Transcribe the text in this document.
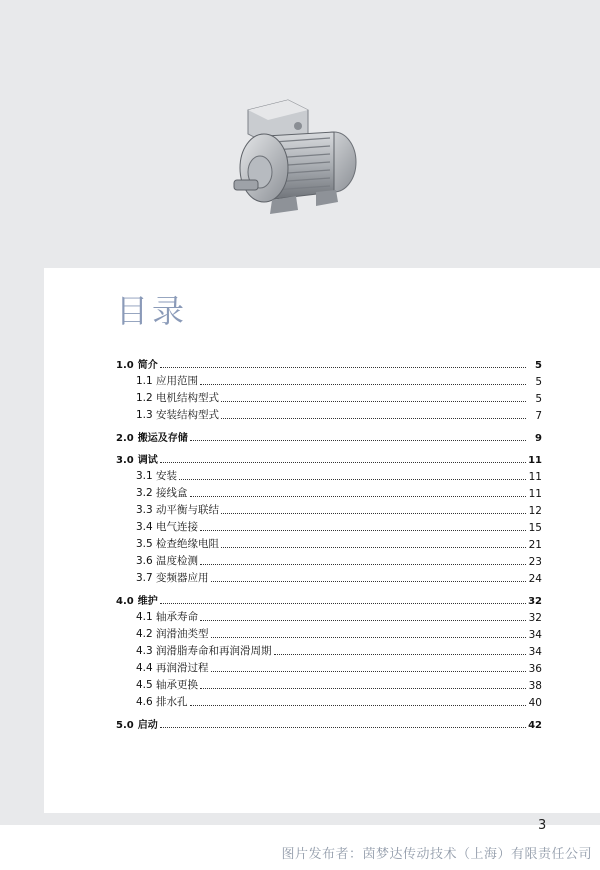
目录
1.0 简介	5
1.1 应用范围	5
1.2 电机结构型式	5
1.3 安装结构型式	7
2.0 搬运及存储	9
3.0 调试	11
3.1 安装	11
3.2 接线盒	11
3.3 动平衡与联结	12
3.4 电气连接	15
3.5 检查绝缘电阻	21
3.6 温度检测	23
3.7 变频器应用	24
4.0 维护	32
4.1 轴承寿命	32
4.2 润滑油类型	34
4.3 润滑脂寿命和再润滑周期	34
4.4 再润滑过程	36
4.5 轴承更换	38
4.6 排水孔	40
5.0 启动	42
3
图片发布者：茵梦达传动技术（上海）有限责任公司
